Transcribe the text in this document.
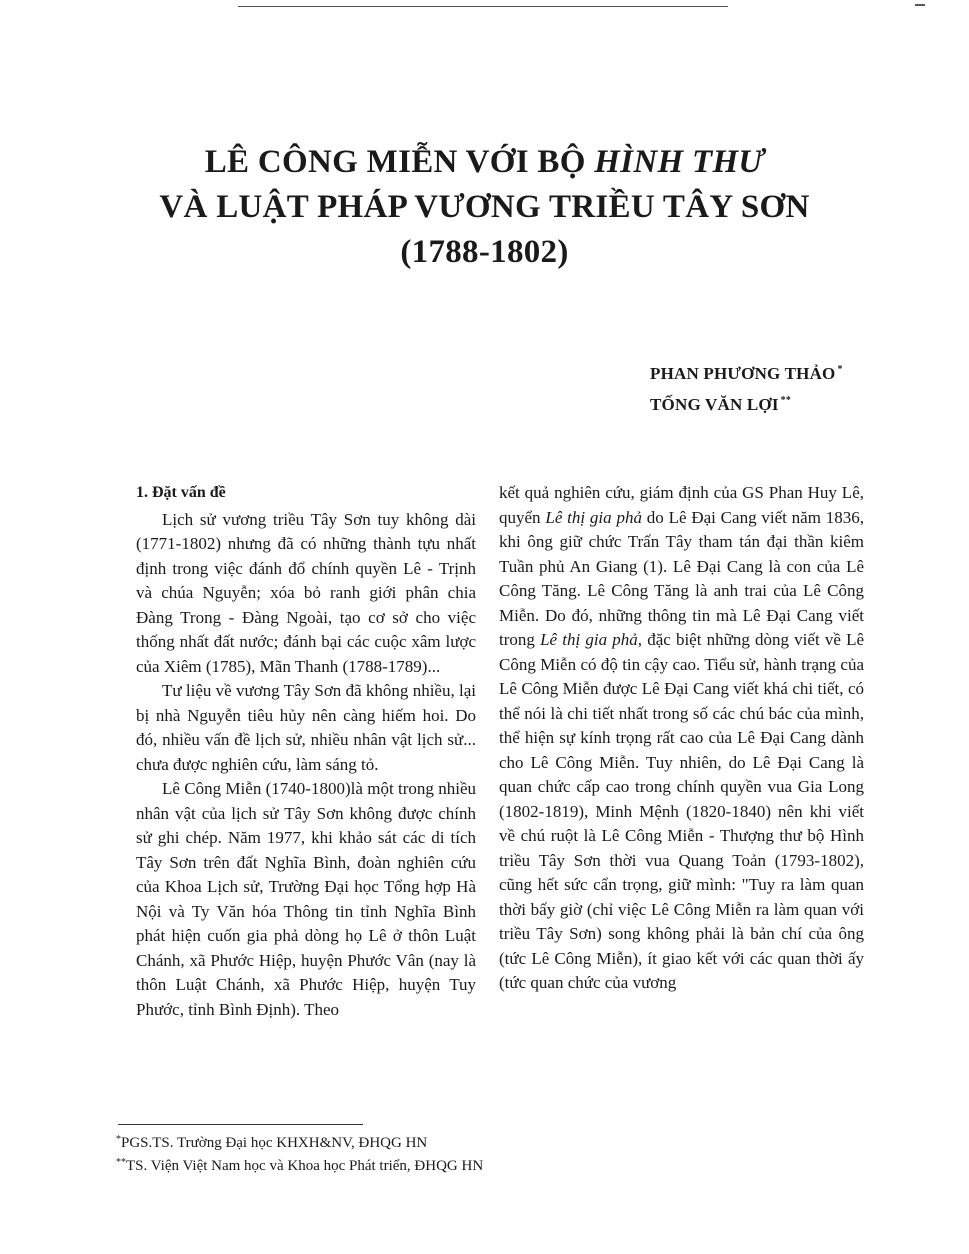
LÊ CÔNG MIỄN VỚI BỘ HÌNH THƯ
VÀ LUẬT PHÁP VƯƠNG TRIỀU TÂY SƠN
(1788-1802)
PHAN PHƯƠNG THẢO *
TỐNG VĂN LỢI **

1. Đặt vấn đề

Lịch sử vương triều Tây Sơn tuy không dài (1771-1802) nhưng đã có những thành tựu nhất định trong việc đánh đổ chính quyền Lê - Trịnh và chúa Nguyễn; xóa bỏ ranh giới phân chia Đàng Trong - Đàng Ngoài, tạo cơ sở cho việc thống nhất đất nước; đánh bại các cuộc xâm lược của Xiêm (1785), Mãn Thanh (1788-1789)...

Tư liệu về vương Tây Sơn đã không nhiều, lại bị nhà Nguyễn tiêu hủy nên càng hiếm hoi. Do đó, nhiều vấn đề lịch sử, nhiều nhân vật lịch sử... chưa được nghiên cứu, làm sáng tỏ.

Lê Công Miễn (1740-1800)là một trong nhiều nhân vật của lịch sử Tây Sơn không được chính sử ghi chép. Năm 1977, khi khảo sát các di tích Tây Sơn trên đất Nghĩa Bình, đoàn nghiên cứu của Khoa Lịch sử, Trường Đại học Tổng hợp Hà Nội và Ty Văn hóa Thông tin tỉnh Nghĩa Bình phát hiện cuốn gia phả dòng họ Lê ở thôn Luật Chánh, xã Phước Hiệp, huyện Phước Vân (nay là thôn Luật Chánh, xã Phước Hiệp, huyện Tuy Phước, tỉnh Bình Định). Theo

kết quả nghiên cứu, giám định của GS Phan Huy Lê, quyển Lê thị gia phả do Lê Đại Cang viết năm 1836, khi ông giữ chức Trấn Tây tham tán đại thần kiêm Tuần phủ An Giang (1). Lê Đại Cang là con của Lê Công Tăng. Lê Công Tăng là anh trai của Lê Công Miễn. Do đó, những thông tin mà Lê Đại Cang viết trong Lê thị gia phả, đặc biệt những dòng viết về Lê Công Miễn có độ tin cậy cao. Tiểu sử, hành trạng của Lê Công Miễn được Lê Đại Cang viết khá chi tiết, có thể nói là chi tiết nhất trong số các chú bác của mình, thể hiện sự kính trọng rất cao của Lê Đại Cang dành cho Lê Công Miễn. Tuy nhiên, do Lê Đại Cang là quan chức cấp cao trong chính quyền vua Gia Long (1802-1819), Minh Mệnh (1820-1840) nên khi viết về chú ruột là Lê Công Miễn - Thượng thư bộ Hình triều Tây Sơn thời vua Quang Toản (1793-1802), cũng hết sức cẩn trọng, giữ mình: "Tuy ra làm quan thời bấy giờ (chỉ việc Lê Công Miễn ra làm quan với triều Tây Sơn) song không phải là bản chí của ông (tức Lê Công Miễn), ít giao kết với các quan thời ấy (tức quan chức của vương

*PGS.TS. Trường Đại học KHXH&NV, ĐHQG HN
**TS. Viện Việt Nam học và Khoa học Phát triển, ĐHQG HN
